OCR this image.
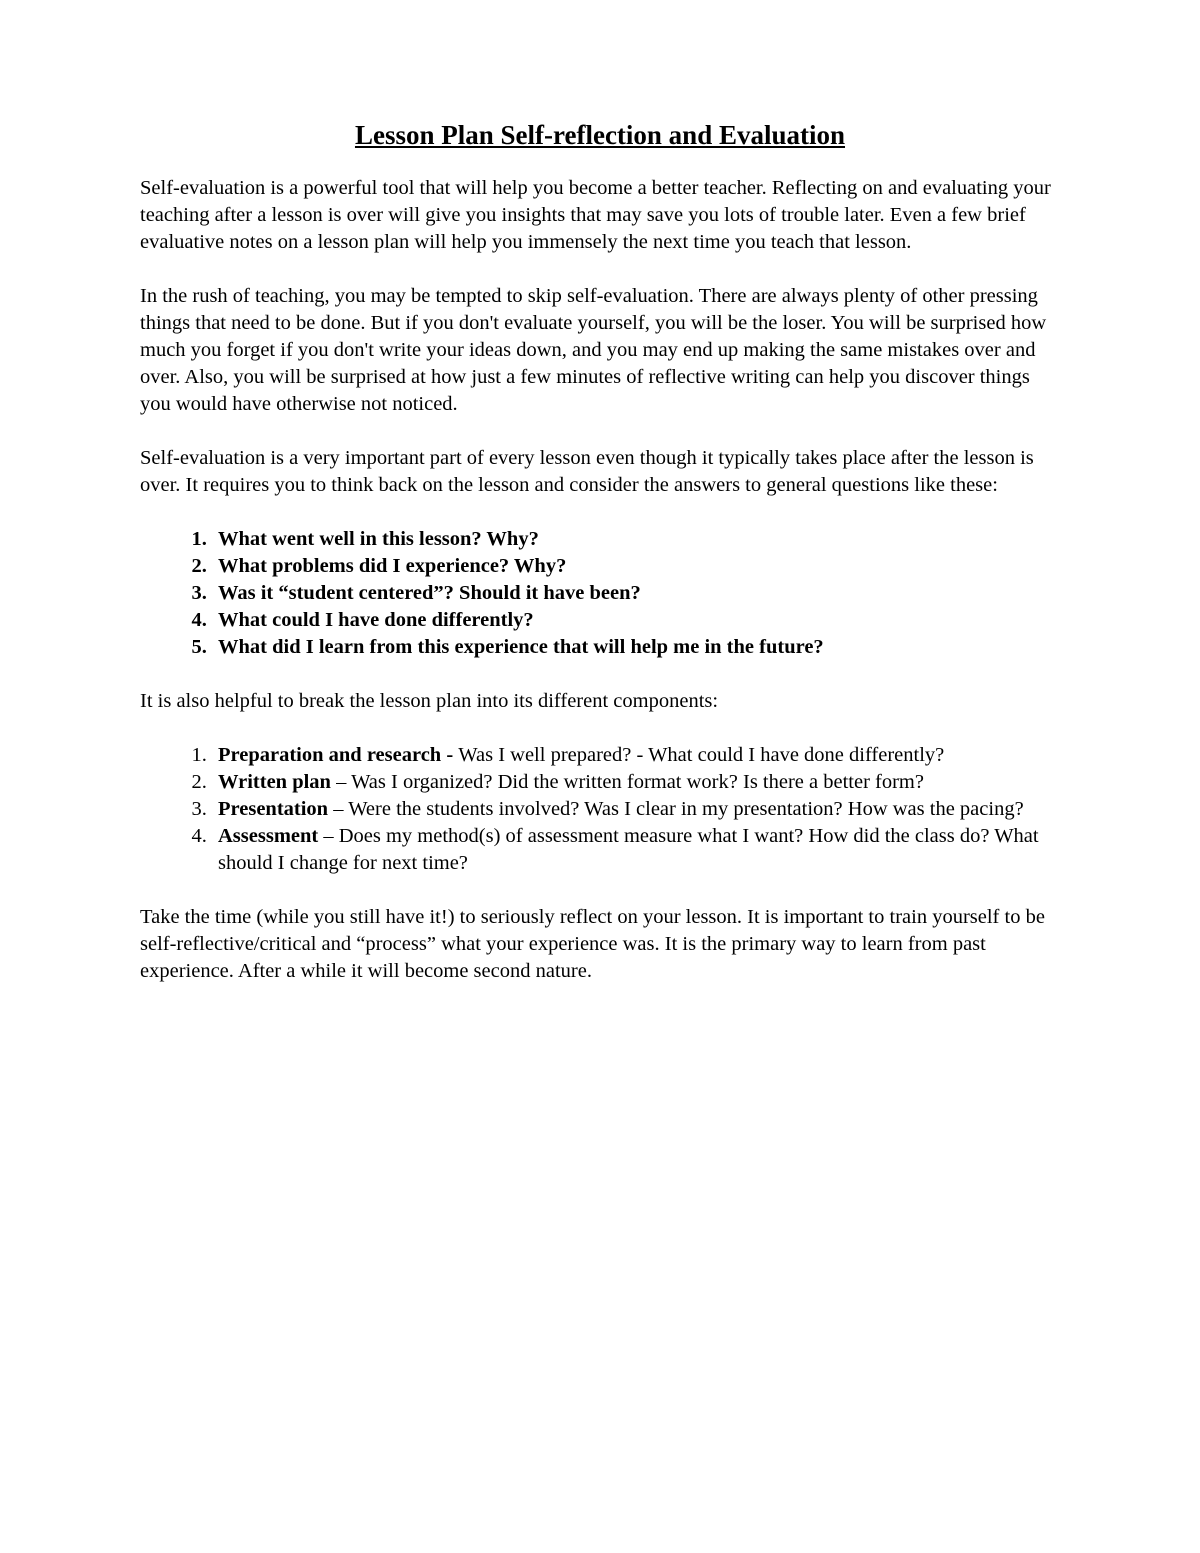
Lesson Plan Self-reflection and Evaluation

Self-evaluation is a powerful tool that will help you become a better teacher. Reflecting on and evaluating your teaching after a lesson is over will give you insights that may save you lots of trouble later. Even a few brief evaluative notes on a lesson plan will help you immensely the next time you teach that lesson.

In the rush of teaching, you may be tempted to skip self-evaluation. There are always plenty of other pressing things that need to be done. But if you don't evaluate yourself, you will be the loser. You will be surprised how much you forget if you don't write your ideas down, and you may end up making the same mistakes over and over. Also, you will be surprised at how just a few minutes of reflective writing can help you discover things you would have otherwise not noticed.

Self-evaluation is a very important part of every lesson even though it typically takes place after the lesson is over. It requires you to think back on the lesson and consider the answers to general questions like these:

1. What went well in this lesson? Why?
2. What problems did I experience? Why?
3. Was it “student centered”? Should it have been?
4. What could I have done differently?
5. What did I learn from this experience that will help me in the future?

It is also helpful to break the lesson plan into its different components:

1. Preparation and research - Was I well prepared? - What could I have done differently?
2. Written plan – Was I organized? Did the written format work? Is there a better form?
3. Presentation – Were the students involved? Was I clear in my presentation? How was the pacing?
4. Assessment – Does my method(s) of assessment measure what I want? How did the class do? What should I change for next time?

Take the time (while you still have it!) to seriously reflect on your lesson. It is important to train yourself to be self-reflective/critical and “process” what your experience was. It is the primary way to learn from past experience. After a while it will become second nature.
